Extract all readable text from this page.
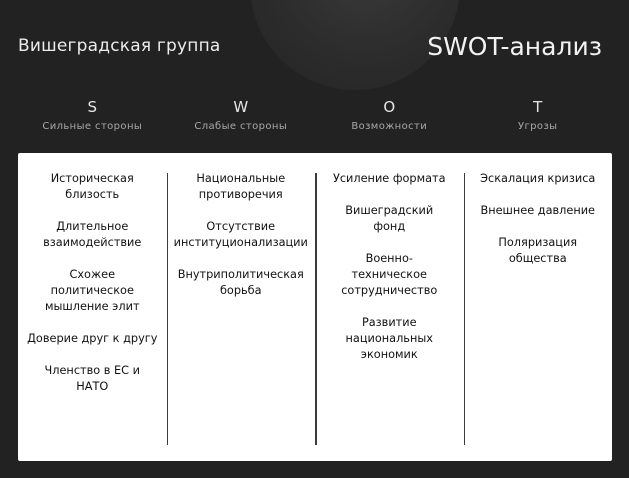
Вишеградская группа	SWOT-анализ
S
Сильные стороны
W
Слабые стороны
O
Возможности
T
Угрозы
Историческая
близость
Длительное
взаимодействие
Схожее
политическое
мышление элит
Доверие друг к другу
Членство в ЕС и
НАТО
Национальные
противоречия
Отсутствие
институционализации
Внутриполитическая
борьба
Усиление формата
Вишеградский
фонд
Военно-
техническое
сотрудничество
Развитие
национальных
экономик
Эскалация кризиса
Внешнее давление
Поляризация
общества
